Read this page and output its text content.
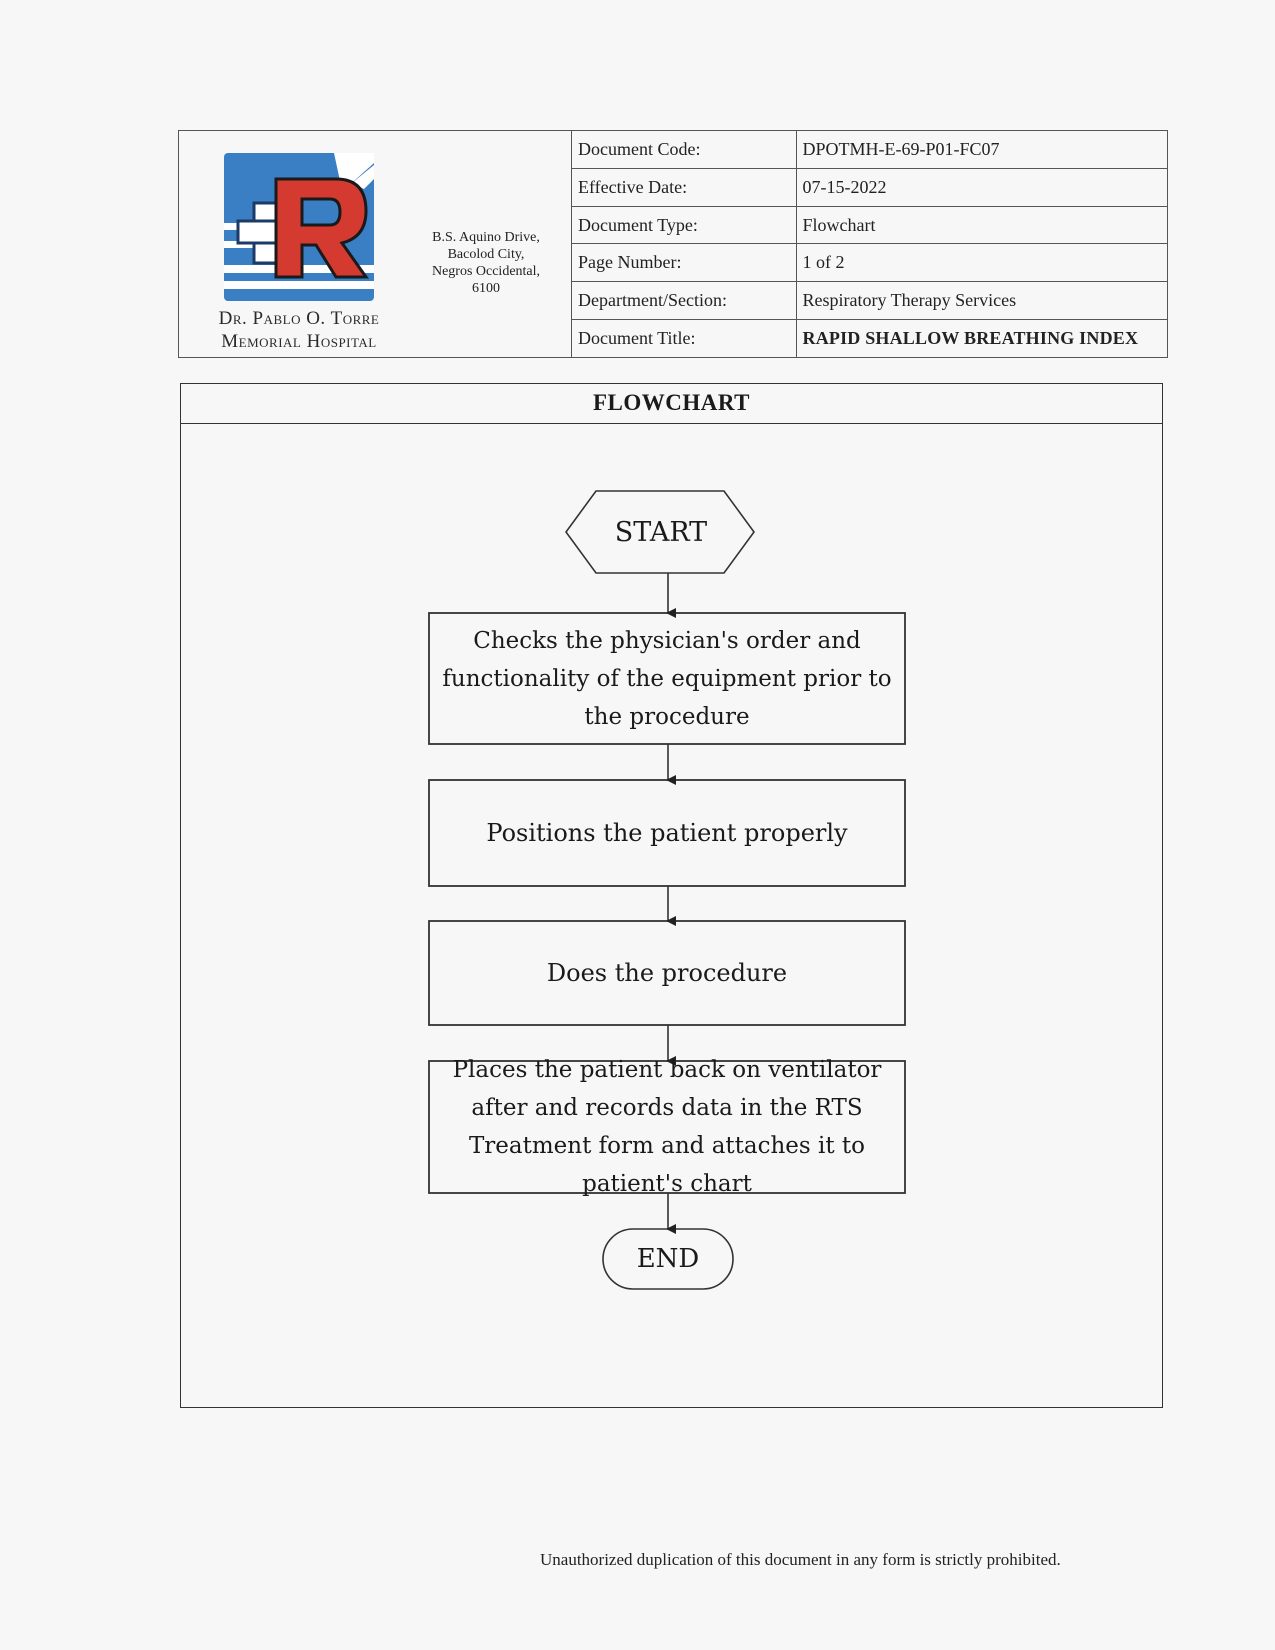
Dr. Pablo O. Torre
Memorial Hospital
B.S. Aquino Drive,
Bacolod City,
Negros Occidental,
6100
Document Code:	DPOTMH-E-69-P01-FC07
Effective Date:	07-15-2022
Document Type:	Flowchart
Page Number:	1 of 2
Department/Section:	Respiratory Therapy Services
Document Title:	RAPID SHALLOW BREATHING INDEX
FLOWCHART
START
Checks the physician's order and functionality of the equipment prior to the procedure
Positions the patient properly
Does the procedure
Places the patient back on ventilator after and records data in the RTS Treatment form and attaches it to patient's chart
END
Unauthorized duplication of this document in any form is strictly prohibited.
